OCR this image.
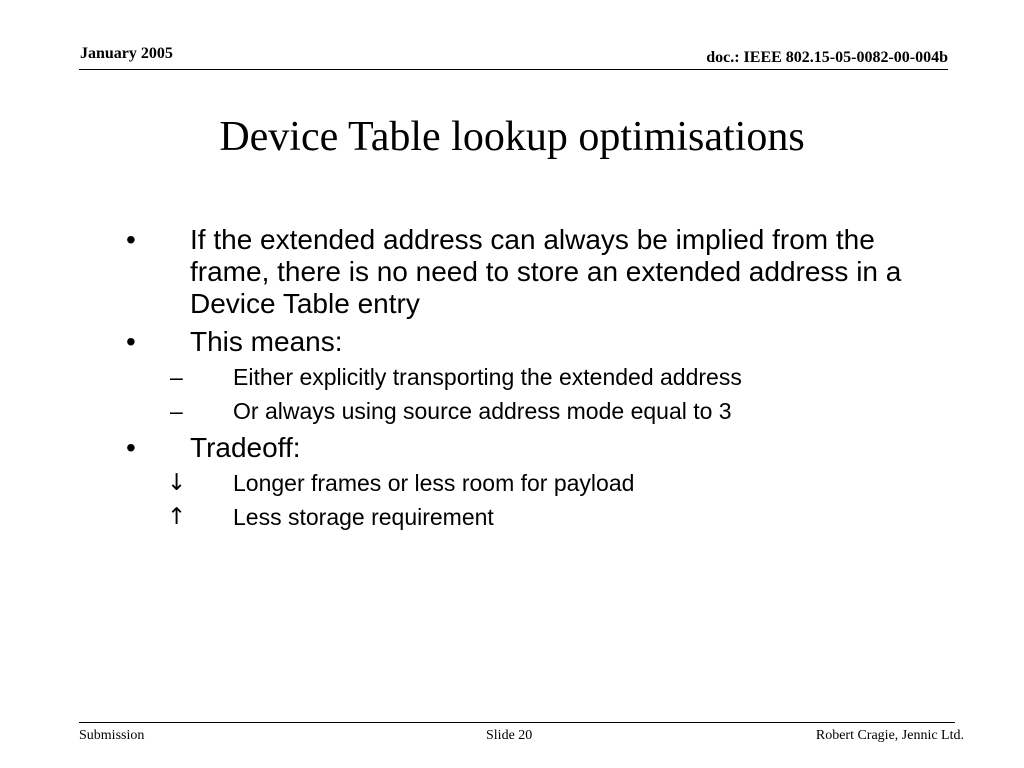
January 2005	doc.: IEEE 802.15-05-0082-00-004b
Device Table lookup optimisations
• If the extended address can always be implied from the frame, there is no need to store an extended address in a Device Table entry
• This means:
– Either explicitly transporting the extended address
– Or always using source address mode equal to 3
• Tradeoff:
↓ Longer frames or less room for payload
↑ Less storage requirement
Submission	Slide 20	Robert Cragie, Jennic Ltd.
